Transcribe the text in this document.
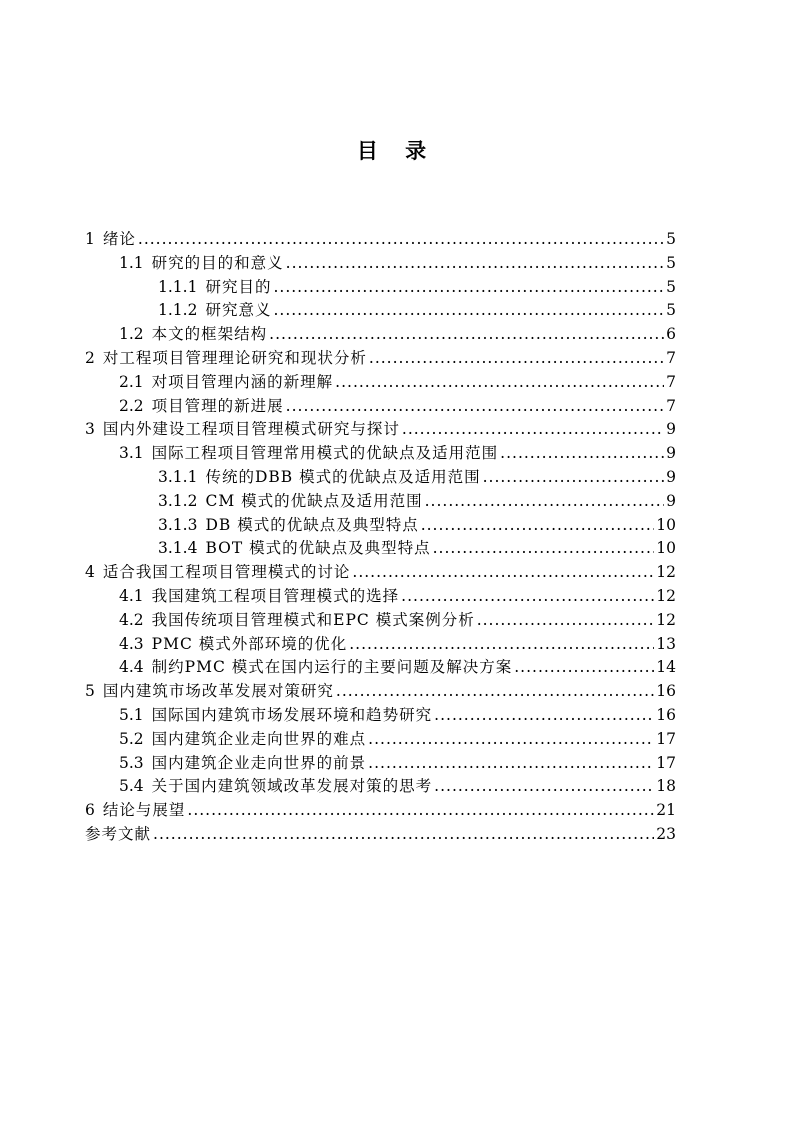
目 录
1 绪论 .....	5
1.1 研究的目的和意义 .....	5
1.1.1 研究目的 .....	5
1.1.2 研究意义 .....	5
1.2 本文的框架结构 .....	6
2 对工程项目管理理论研究和现状分析 .....	7
2.1 对项目管理内涵的新理解 .....	7
2.2 项目管理的新进展 .....	7
3 国内外建设工程项目管理模式研究与探讨 .....	9
3.1 国际工程项目管理常用模式的优缺点及适用范围 .....	9
3.1.1 传统的DBB 模式的优缺点及适用范围 .....	9
3.1.2 CM 模式的优缺点及适用范围 .....	9
3.1.3 DB 模式的优缺点及典型特点 .....	10
3.1.4 BOT 模式的优缺点及典型特点 .....	10
4 适合我国工程项目管理模式的讨论 .....	12
4.1 我国建筑工程项目管理模式的选择 .....	12
4.2 我国传统项目管理模式和EPC 模式案例分析 .....	12
4.3 PMC 模式外部环境的优化 .....	13
4.4 制约PMC 模式在国内运行的主要问题及解决方案 .....	14
5 国内建筑市场改革发展对策研究 .....	16
5.1 国际国内建筑市场发展环境和趋势研究 .....	16
5.2 国内建筑企业走向世界的难点 .....	17
5.3 国内建筑企业走向世界的前景 .....	17
5.4 关于国内建筑领域改革发展对策的思考 .....	18
6 结论与展望 .....	21
参考文献 .....	23
